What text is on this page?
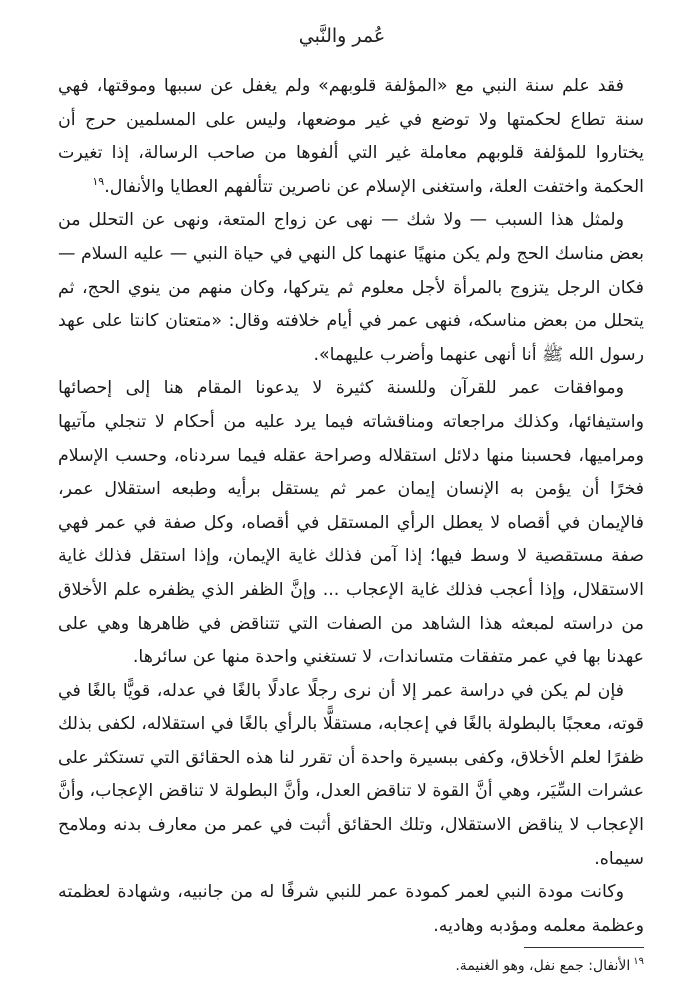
عُمر والنَّبي

فقد علم سنة النبي مع «المؤلفة قلوبهم» ولم يغفل عن سببها وموقتها، فهي سنة تطاع لحكمتها ولا توضع في غير موضعها، وليس على المسلمين حرج أن يختاروا للمؤلفة قلوبهم معاملة غير التي ألفوها من صاحب الرسالة، إذا تغيرت الحكمة واختفت العلة، واستغنى الإسلام عن ناصرين تتألفهم العطايا والأنفال.$^{١٩}$

ولمثل هذا السبب — ولا شك — نهى عن زواج المتعة، ونهى عن التحلل من بعض مناسك الحج ولم يكن منهيًا عنهما كل النهي في حياة النبي — عليه السلام — فكان الرجل يتزوج بالمرأة لأجل معلوم ثم يتركها، وكان منهم من ينوي الحج، ثم يتحلل من بعض مناسكه، فنهى عمر في أيام خلافته وقال: «متعتان كانتا على عهد رسول الله ﷺ أنا أنهى عنهما وأضرب عليهما».

وموافقات عمر للقرآن وللسنة كثيرة لا يدعونا المقام هنا إلى إحصائها واستيفائها، وكذلك مراجعاته ومناقشاته فيما يرد عليه من أحكام لا تنجلي مآتيها ومراميها، فحسبنا منها دلائل استقلاله وصراحة عقله فيما سردناه، وحسب الإسلام فخرًا أن يؤمن به الإنسان إيمان عمر ثم يستقل برأيه وطبعه استقلال عمر، فالإيمان في أقصاه لا يعطل الرأي المستقل في أقصاه، وكل صفة في عمر فهي صفة مستقصية لا وسط فيها؛ إذا آمن فذلك غاية الإيمان، وإذا استقل فذلك غاية الاستقلال، وإذا أعجب فذلك غاية الإعجاب ... وإنَّ الظفر الذي يظفره علم الأخلاق من دراسته لمبعثه هذا الشاهد من الصفات التي تتناقض في ظاهرها وهي على عهدنا بها في عمر متفقات متساندات، لا تستغني واحدة منها عن سائرها.

فإن لم يكن في دراسة عمر إلا أن نرى رجلًا عادلًا بالغًا في عدله، قويًّا بالغًا في قوته، معجبًا بالبطولة بالغًا في إعجابه، مستقلًّا بالرأي بالغًا في استقلاله، لكفى بذلك ظفرًا لعلم الأخلاق، وكفى ببسيرة واحدة أن تقرر لنا هذه الحقائق التي تستكثر على عشرات السِّيَر، وهي أنَّ القوة لا تناقض العدل، وأنَّ البطولة لا تناقض الإعجاب، وأنَّ الإعجاب لا يناقض الاستقلال، وتلك الحقائق أثبت في عمر من معارف بدنه وملامح سيماه.

وكانت مودة النبي لعمر كمودة عمر للنبي شرفًا له من جانبيه، وشهادة لعظمته وعظمة معلمه ومؤدبه وهاديه.

$^{١٩}$الأنفال: جمع نفل، وهو الغنيمة.
